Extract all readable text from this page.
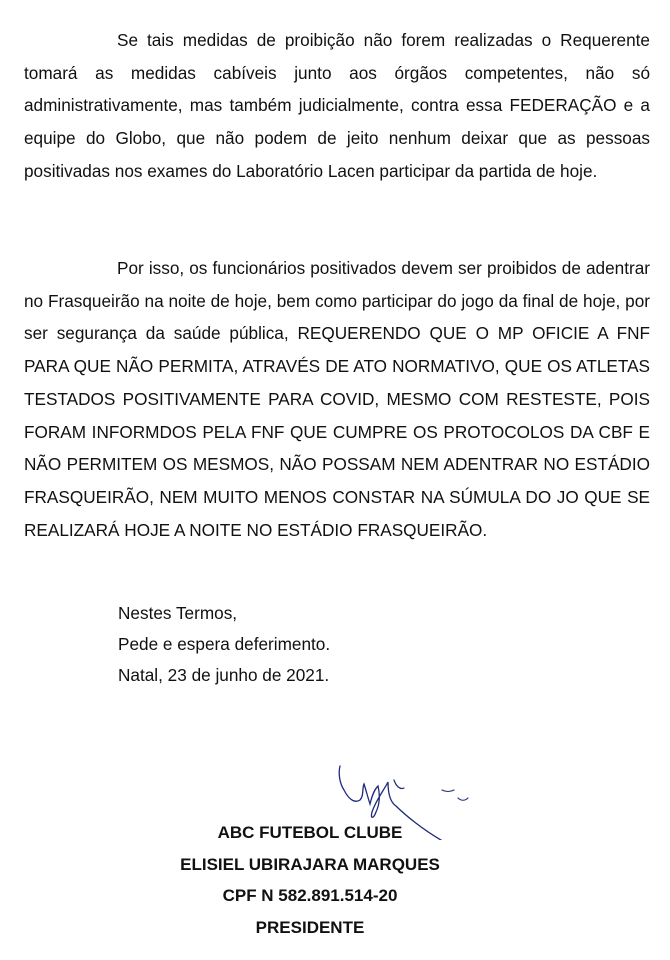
Se tais medidas de proibição não forem realizadas o Requerente tomará as medidas cabíveis junto aos órgãos competentes, não só administrativamente, mas também judicialmente, contra essa FEDERAÇÃO e a equipe do Globo, que não podem de jeito nenhum deixar que as pessoas positivadas nos exames do Laboratório Lacen participar da partida de hoje.

Por isso, os funcionários positivados devem ser proibidos de adentrar no Frasqueirão na noite de hoje, bem como participar do jogo da final de hoje, por ser segurança da saúde pública, REQUERENDO QUE O MP OFICIE A FNF PARA QUE NÃO PERMITA, ATRAVÉS DE ATO NORMATIVO, QUE OS ATLETAS TESTADOS POSITIVAMENTE PARA COVID, MESMO COM RESTESTE, POIS FORAM INFORMDOS PELA FNF QUE CUMPRE OS PROTOCOLOS DA CBF E NÃO PERMITEM OS MESMOS, NÃO POSSAM NEM ADENTRAR NO ESTÁDIO FRASQUEIRÃO, NEM MUITO MENOS CONSTAR NA SÚMULA DO JO QUE SE REALIZARÁ HOJE A NOITE NO ESTÁDIO FRASQUEIRÃO.

Nestes Termos,
Pede e espera deferimento.
Natal, 23 de junho de 2021.
ABC FUTEBOL CLUBE
ELISIEL UBIRAJARA MARQUES
CPF N 582.891.514-20
PRESIDENTE
